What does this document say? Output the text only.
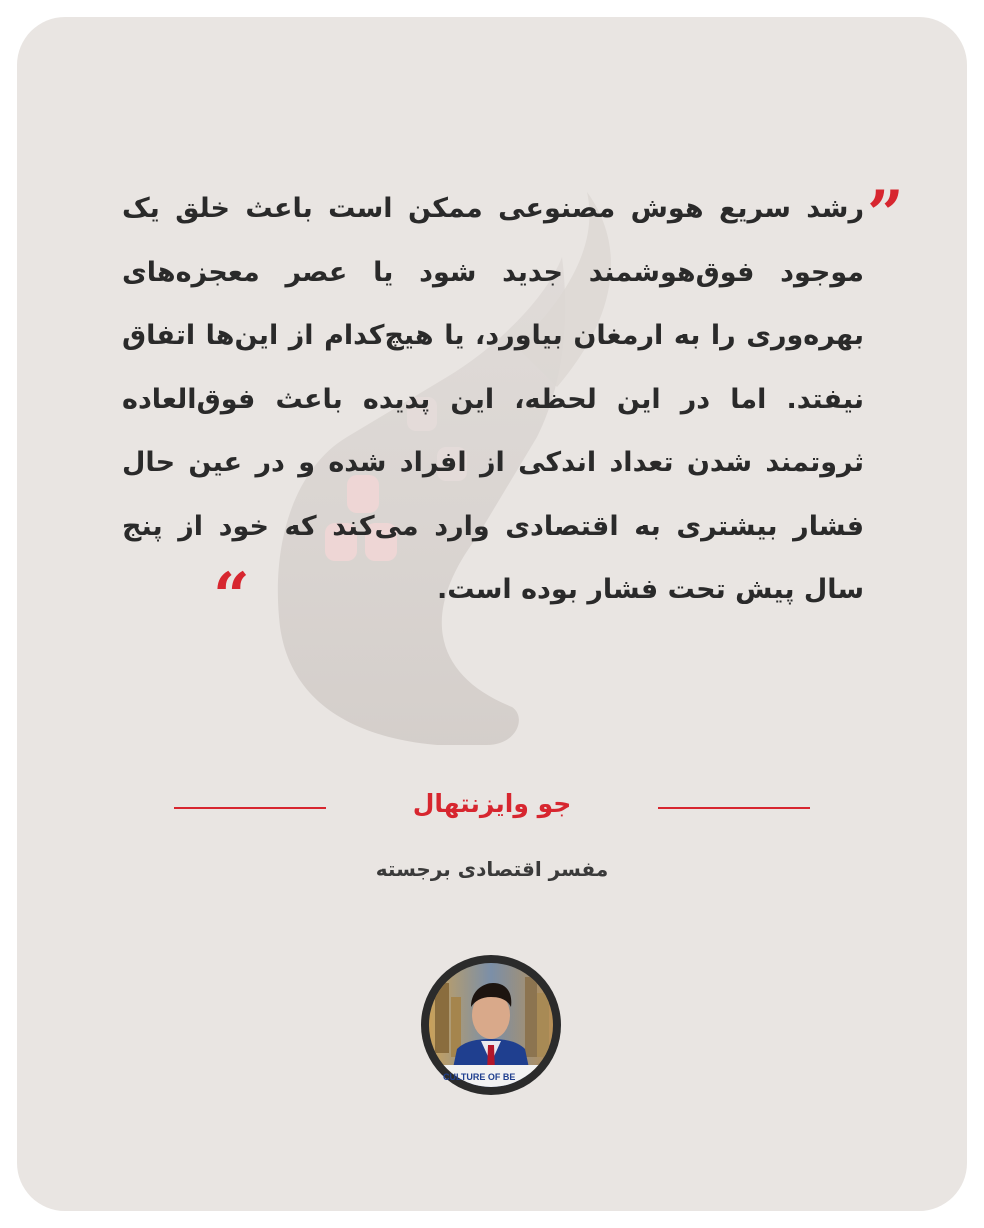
”

رشد سریع هوش مصنوعی ممکن است باعث خلق یک موجود فوق‌هوشمند جدید شود یا عصر معجزه‌های بهره‌وری را به ارمغان بیاورد، یا هیچ‌کدام از این‌ها اتفاق نیفتد. اما در این لحظه، این پدیده باعث فوق‌العاده ثروتمند شدن تعداد اندکی از افراد شده و در عین حال فشار بیشتری به اقتصادی وارد می‌کند که خود از پنج سال پیش تحت فشار بوده است.

“
جو وایزنتهال
مفسر اقتصادی برجسته
CULTURE OF BE
